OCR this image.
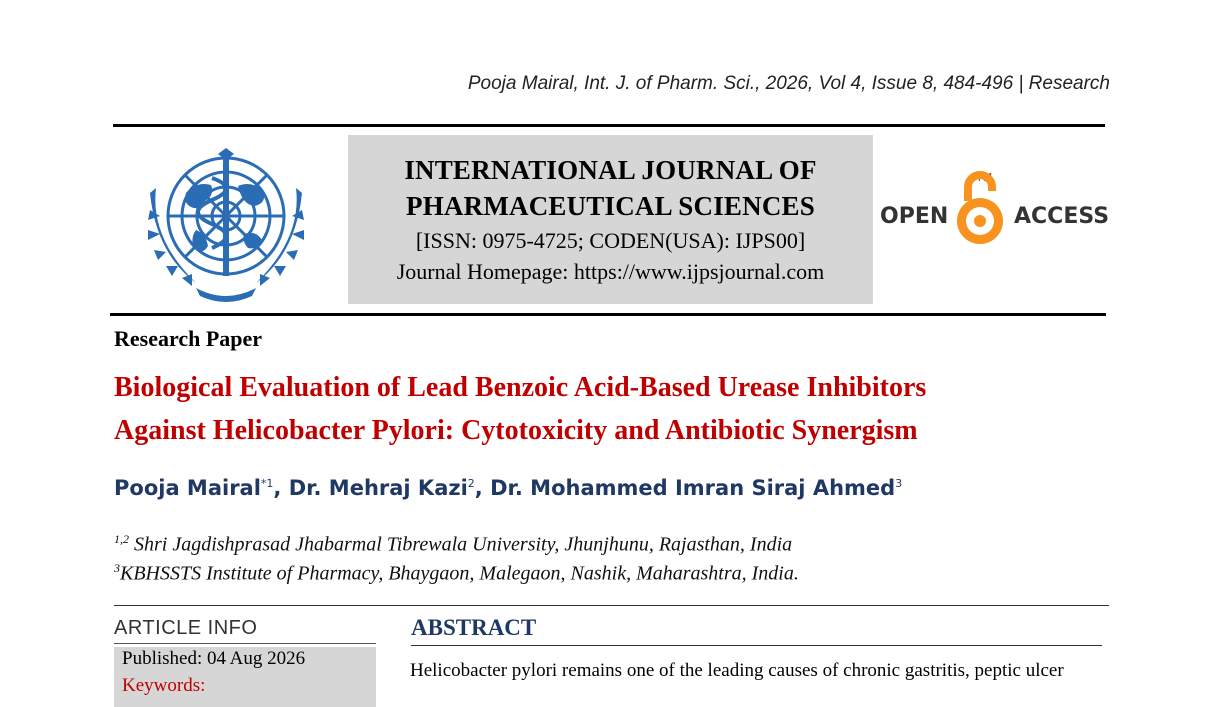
Pooja Mairal, Int. J. of Pharm. Sci., 2026, Vol 4, Issue 8, 484-496 | Research
INTERNATIONAL JOURNAL OF
PHARMACEUTICAL SCIENCES
[ISSN: 0975-4725; CODEN(USA): IJPS00]
Journal Homepage: https://www.ijpsjournal.com
OPEN	ACCESS
TM
Research Paper
Biological Evaluation of Lead Benzoic Acid-Based Urease Inhibitors
Against Helicobacter Pylori: Cytotoxicity and Antibiotic Synergism
Pooja Mairal$^{*1}$, Dr. Mehraj Kazi$^2$, Dr. Mohammed Imran Siraj Ahmed$^3$
$^{1,2}$ Shri Jagdishprasad Jhabarmal Tibrewala University, Jhunjhunu, Rajasthan, India
$^3$KBHSSTS Institute of Pharmacy, Bhaygaon, Malegaon, Nashik, Maharashtra, India.
ARTICLE INFO
Published: 04 Aug 2026
Keywords:
ABSTRACT
Helicobacter pylori remains one of the leading causes of chronic gastritis, peptic ulcer
